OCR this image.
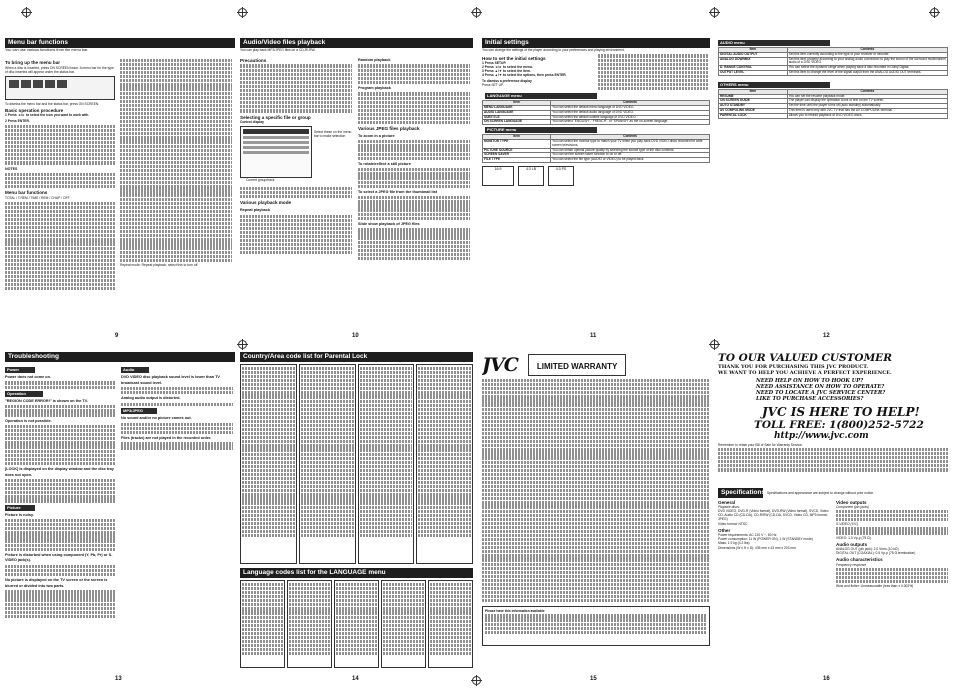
Menu bar functions
You can use various functions from the menu bar.
To bring up the menu bar
When a disc is inserted, press ON SCREEN twice. A menu bar for the type of disc inserted will appear under the status bar.
To dismiss the menu bar and the status bar, press ON SCREEN.
Basic operation procedure
1 Press ◄/► to select the icon you want to work with.
2 Press ENTER.
NOTES
Menu bar functions
TOTAL / T.REM / TIME / REM / CHAP / OFF
Repeat mode: Repeat playback, select this to turn off
Audio/Video files playback
You can play back MP3/JPEG files on a CD-R/-RW.
Precautions
Selecting a specific file or group
Control display
Select these on the menu bar to make selection
Current group/track
Various playback mode
Repeat playback
Random playback
Program playback
Various JPEG files playback
To zoom in a picture
To rotate/reflect a still picture
To select a JPEG file from the thumbnail list
Slide show playback of JPEG files
9	10
Initial settings
You can change the settings of the player according to your preferences and playing environment.
How to set the initial settings
1 Press SETUP.
2 Press ◄/► to select the menu.
3 Press ▲/▼ to select the item.
4 Press ▲/▼ to select the options, then press ENTER.
To dismiss a preference display
Press SET UP.
LANGUAGE menu
Item	Contents
MENU LANGUAGE	You can select the default menu language of DVD VIDEO.
AUDIO LANGUAGE	You can select the default audio language of DVD VIDEO.
SUBTITLE	You can select the default subtitle language of DVD VIDEO.
ON SCREEN LANGUAGE	You can select "ENGLISH", "FRENCH", or "SPANISH" as the on-screen language.
PICTURE menu
Item	Contents
MONITOR TYPE	You can select the monitor type to match your TV when you play back DVD VIDEO discs recorded for wide screen televisions.
PICTURE SOURCE	You can obtain optimal picture quality by selecting the source type of the disc contents.
SCREEN SAVER	You can set the screen saver function to on or off.
FILE TYPE	You can select the file type (AUDIO or VIDEO) to be played back.
16:9	4:3 LB	4:3 PS
AUDIO menu
Item	Contents
DIGITAL AUDIO OUTPUT	Set this item correctly according to the type of your receiver or decoder.
ANALOG DOWNMIX	Set this item properly according to your analog audio connection to play the sound of the surround multichannel audio of a DVD VIDEO.
D. RANGE CONTROL	You can select the dynamic range when playing back a disc recorded in Dolby Digital.
OUTPUT LEVEL	Set this item to change the level of the signal output from the ANALOG AUDIO OUT terminals.
OTHERS menu
Item	Contents
RESUME	You can set the resume playback mode.
ON SCREEN GUIDE	The player can display the operation icons or text on the TV screen.
AUTO STANDBY	Set the time until the player turns off (auto standby) automatically.
AV COMPULINK MODE	This item is used only with JVC TV that has the AV COMPULINK terminal.
PARENTAL LOCK	Allows you to restrict playback of DVD VIDEO discs.
11	12
Troubleshooting
Power
Power does not come on.
Operation
"REGION CODE ERROR!" is shown on the TV.
Operation is not possible.
[LOCK] is displayed on the display window and the disc tray does not open.
Picture
Picture is noisy.
Picture is disturbed when using component (Y, Pb, Pr) or S-VIDEO jack(s).
No picture is displayed on the TV screen or the screen is blurred or divided into two parts.
Audio
DVD VIDEO disc playback sound level is lower than TV broadcast sound level.
Analog audio output is distorted.
MP3/JPEG
No sound and/or no picture comes out.
Files (tracks) are not played in the recorded order.
Country/Area code list for Parental Lock
Language codes list for the LANGUAGE menu
13	14
JVC	LIMITED WARRANTY
Please have this information available
TO OUR VALUED CUSTOMER
THANK YOU FOR PURCHASING THIS JVC PRODUCT.
WE WANT TO HELP YOU ACHIEVE A PERFECT EXPERIENCE.
NEED HELP ON HOW TO HOOK UP?
NEED ASSISTANCE ON HOW TO OPERATE?
NEED TO LOCATE A JVC SERVICE CENTER?
LIKE TO PURCHASE ACCESSORIES?
JVC IS HERE TO HELP!
TOLL FREE: 1(800)252-5722
http://www.jvc.com
Remember to retain your Bill of Sale for Warranty Service.
Specifications Specifications and appearance are subject to change without prior notice.
General
Playable discs:
DVD VIDEO, DVD-R (Video format), DVD-RW (Video format), SVCD, Video CD, Audio CD (CD-DA), CD-R/RW (CD-DA, SVCD, Video CD, MP3 format, JPEG)
Video format: NTSC
Other
Power requirements: AC 120 V ~, 60 Hz
Power consumption: 11 W (POWER ON), 1 W (STANDBY mode)
Mass: 1.9 kg (4.2 lbs)
Dimensions (W x H x D): 435 mm x 43 mm x 203 mm
Video outputs
Component (pin jacks)
S-VIDEO (Y/C)
VIDEO: 1.0 Vp-p (75 Ω)
Audio outputs
ANALOG OUT (pin jack): 2.0 Vrms (10 kΩ)
DIGITAL OUT (COAXIAL): 0.5 Vp-p (75 Ω termination)
Audio characteristics
Frequency response
Wow and flutter: Unmeasurable (less than ± 0.002%)
15	16
